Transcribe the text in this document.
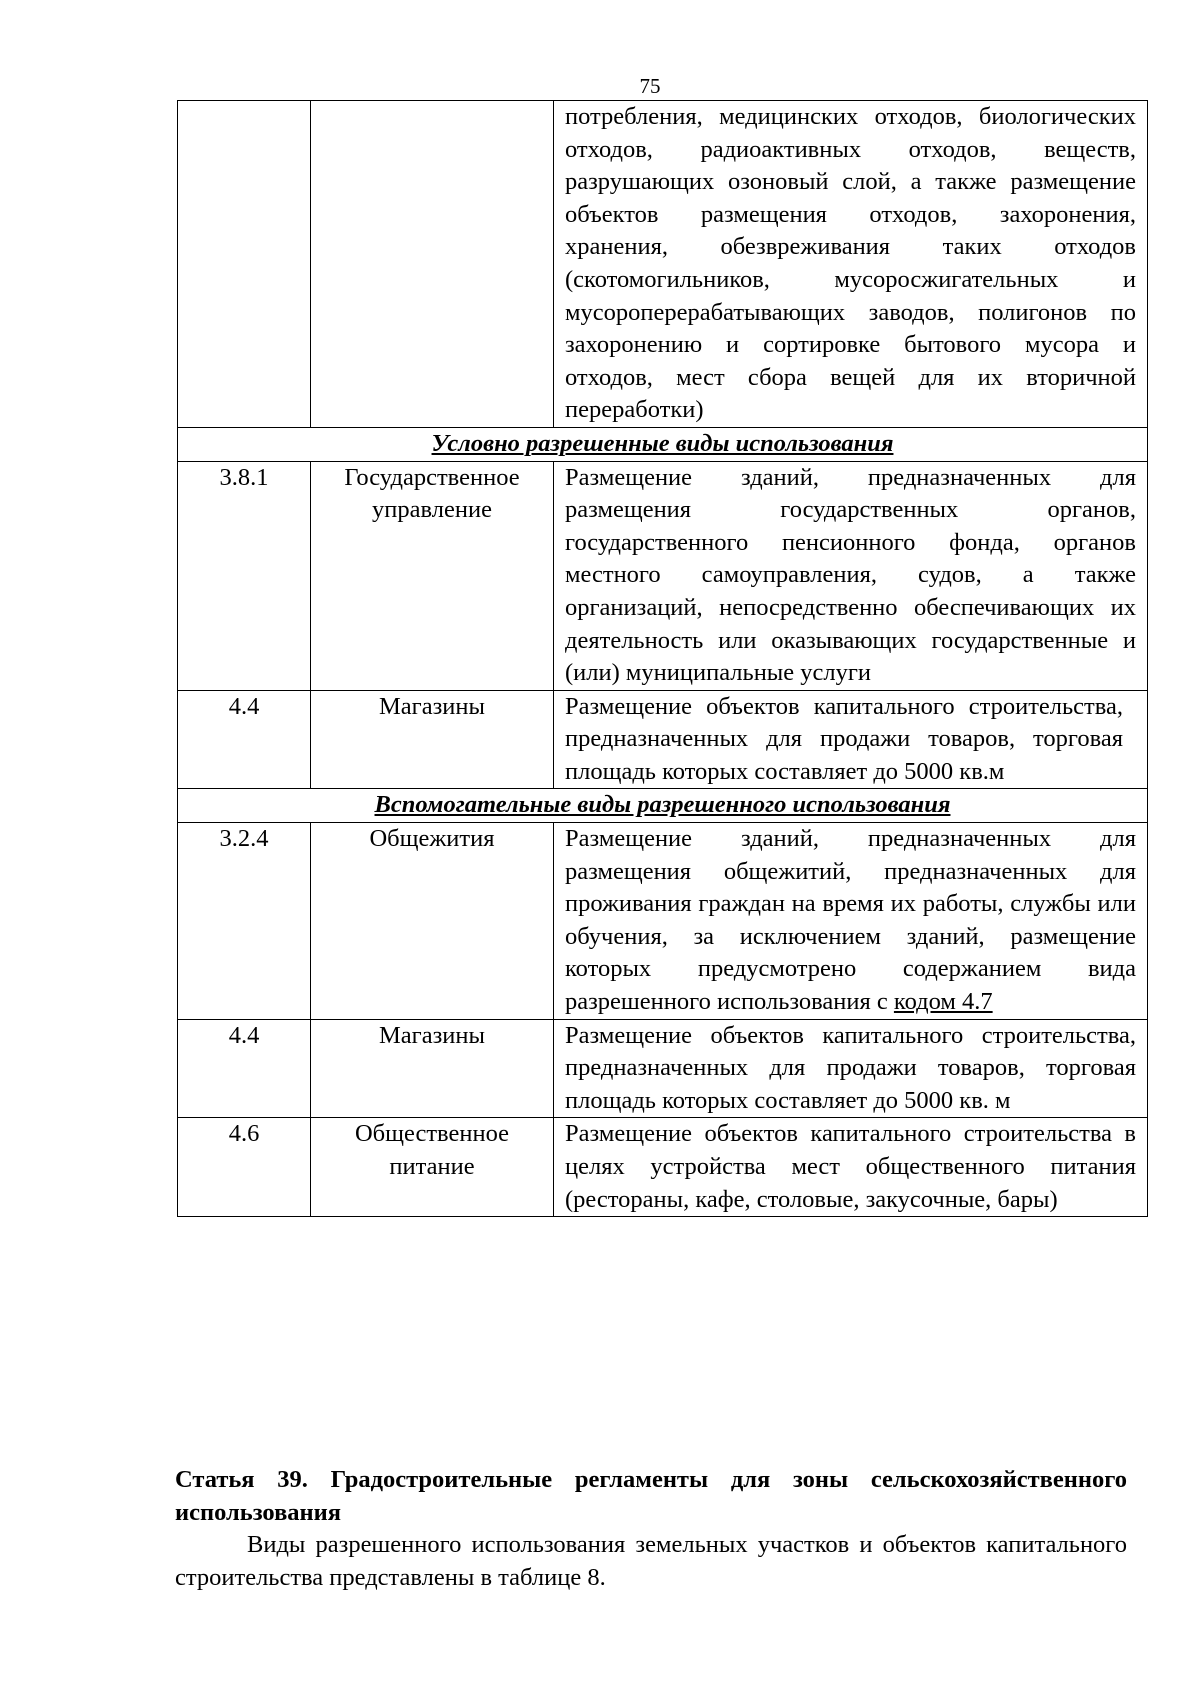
75
		потребления, медицинских отходов, биологических отходов, радиоактивных отходов, веществ, разрушающих озоновый слой, а также размещение объектов размещения отходов, захоронения, хранения, обезвреживания таких отходов (скотомогильников, мусоросжигательных и мусороперерабатывающих заводов, полигонов по захоронению и сортировке бытового мусора и отходов, мест сбора вещей для их вторичной переработки)
Условно разрешенные виды использования		
3.8.1	Государственное управление	Размещение зданий, предназначенных для размещения государственных органов, государственного пенсионного фонда, органов местного самоуправления, судов, а также организаций, непосредственно обеспечивающих их деятельность или оказывающих государственные и (или) муниципальные услуги
4.4	Магазины	Размещение объектов капитального строительства, предназначенных для продажи товаров, торговая площадь которых составляет до 5000 кв.м
Вспомогательные виды разрешенного использования		
3.2.4	Общежития	Размещение зданий, предназначенных для размещения общежитий, предназначенных для проживания граждан на время их работы, службы или обучения, за исключением зданий, размещение которых предусмотрено содержанием вида разрешенного использования с кодом 4.7
4.4	Магазины	Размещение объектов капитального строительства, предназначенных для продажи товаров, торговая площадь которых составляет до 5000 кв. м
4.6	Общественное питание	Размещение объектов капитального строительства в целях устройства мест общественного питания (рестораны, кафе, столовые, закусочные, бары)
Статья 39. Градостроительные регламенты для зоны сельскохозяйственного использования
Виды разрешенного использования земельных участков и объектов капитального строительства представлены в таблице 8.
